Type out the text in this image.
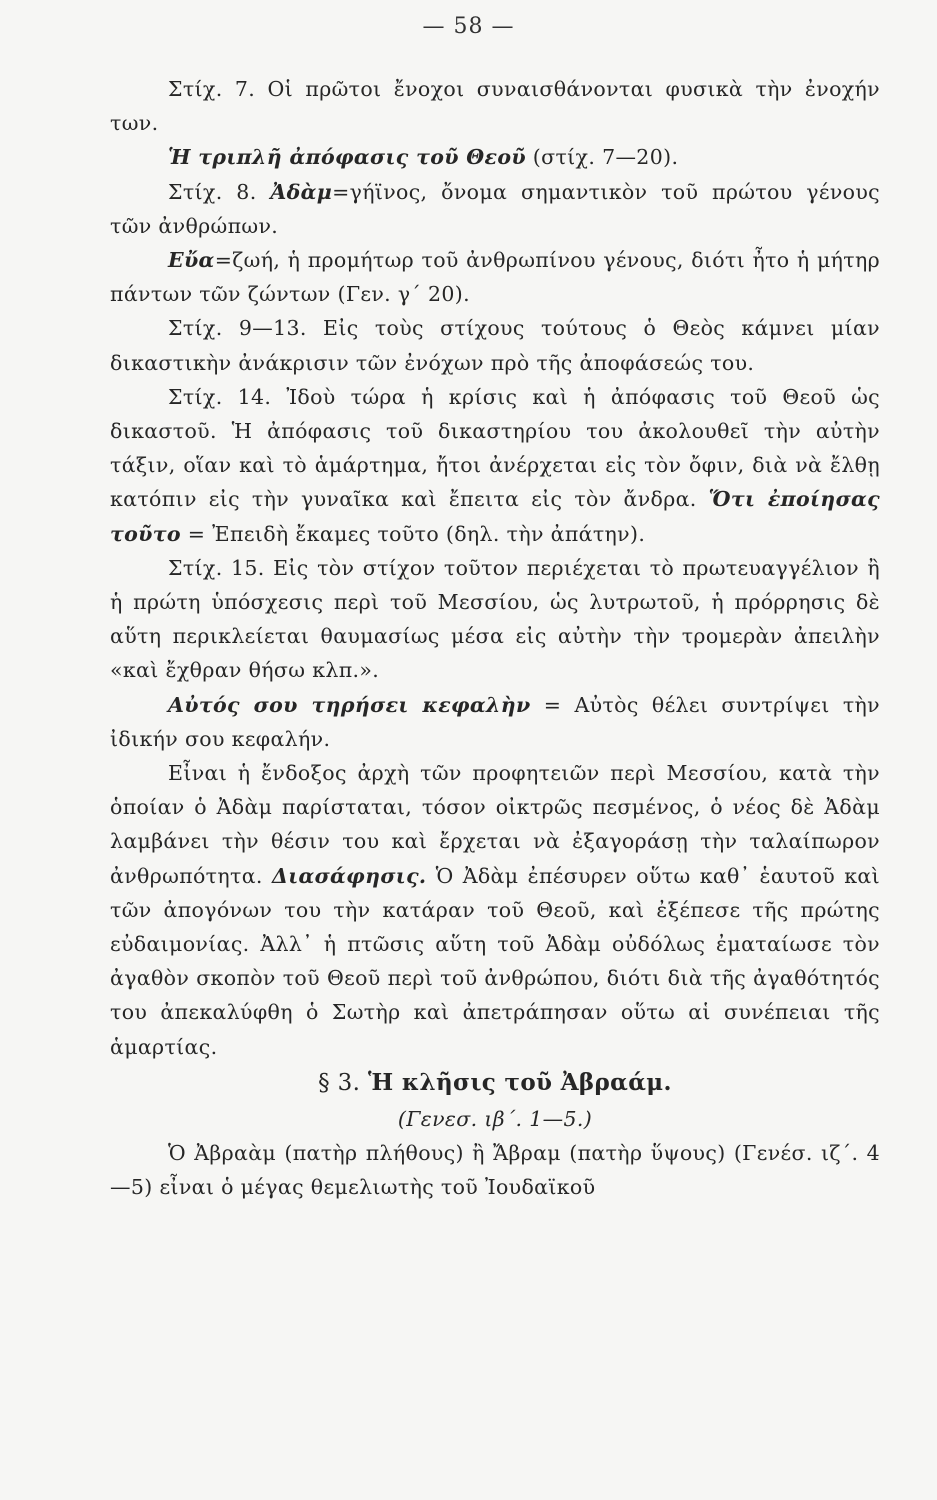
— 58 —

Στίχ. 7. Οἱ πρῶτοι ἔνοχοι συναισθάνονται φυσικὰ τὴν ἐνοχήν των.

Ἡ τριπλῆ ἀπόφασις τοῦ Θεοῦ (στίχ. 7—20).

Στίχ. 8. Ἀδὰμ=γήϊνος, ὄνομα σημαντικὸν τοῦ πρώτου γένους τῶν ἀνθρώπων.

Εὔα=ζωή, ἡ προμήτωρ τοῦ ἀνθρωπίνου γένους, διότι ἦτο ἡ μήτηρ πάντων τῶν ζώντων (Γεν. γ΄ 20).

Στίχ. 9—13. Εἰς τοὺς στίχους τούτους ὁ Θεὸς κάμνει μίαν δικαστικὴν ἀνάκρισιν τῶν ἐνόχων πρὸ τῆς ἀποφάσεώς του.

Στίχ. 14. Ἰδοὺ τώρα ἡ κρίσις καὶ ἡ ἀπόφασις τοῦ Θεοῦ ὡς δικαστοῦ. Ἡ ἀπόφασις τοῦ δικαστηρίου του ἀκολουθεῖ τὴν αὐτὴν τάξιν, οἵαν καὶ τὸ ἁμάρτημα, ἤτοι ἀνέρχεται εἰς τὸν ὄφιν, διὰ νὰ ἔλθῃ κατόπιν εἰς τὴν γυναῖκα καὶ ἔπειτα εἰς τὸν ἄνδρα. Ὅτι ἐποίησας τοῦτο = Ἐπειδὴ ἔκαμες τοῦτο (δηλ. τὴν ἀπάτην).

Στίχ. 15. Εἰς τὸν στίχον τοῦτον περιέχεται τὸ πρωτευαγγέλιον ἢ ἡ πρώτη ὑπόσχεσις περὶ τοῦ Μεσσίου, ὡς λυτρωτοῦ, ἡ πρόρρησις δὲ αὕτη περικλείεται θαυμασίως μέσα εἰς αὐτὴν τὴν τρομερὰν ἀπειλὴν «καὶ ἔχθραν θήσω κλπ.».

Αὐτός σου τηρήσει κεφαλὴν = Αὐτὸς θέλει συντρίψει τὴν ἰδικήν σου κεφαλήν.

Εἶναι ἡ ἔνδοξος ἀρχὴ τῶν προφητειῶν περὶ Μεσσίου, κατὰ τὴν ὁποίαν ὁ Ἀδὰμ παρίσταται, τόσον οἰκτρῶς πεσμένος, ὁ νέος δὲ Ἀδὰμ λαμβάνει τὴν θέσιν του καὶ ἔρχεται νὰ ἐξαγοράσῃ τὴν ταλαίπωρον ἀνθρωπότητα. Διασάφησις. Ὁ Ἀδὰμ ἐπέσυρεν οὕτω καθ᾿ ἑαυτοῦ καὶ τῶν ἀπογόνων του τὴν κατάραν τοῦ Θεοῦ, καὶ ἐξέπεσε τῆς πρώτης εὐδαιμονίας. Ἀλλ᾿ ἡ πτῶσις αὕτη τοῦ Ἀδὰμ οὐδόλως ἐματαίωσε τὸν ἀγαθὸν σκοπὸν τοῦ Θεοῦ περὶ τοῦ ἀνθρώπου, διότι διὰ τῆς ἀγαθότητός του ἀπεκαλύφθη ὁ Σωτὴρ καὶ ἀπετράπησαν οὕτω αἱ συνέπειαι τῆς ἁμαρτίας.

§ 3. Ἡ κλῆσις τοῦ Ἀβραάμ.

(Γενεσ. ιβ΄. 1—5.)

Ὁ Ἀβραὰμ (πατὴρ πλήθους) ἢ Ἄβραμ (πατὴρ ὕψους) (Γενέσ. ιζ΄. 4—5) εἶναι ὁ μέγας θεμελιωτὴς τοῦ Ἰουδαϊκοῦ
